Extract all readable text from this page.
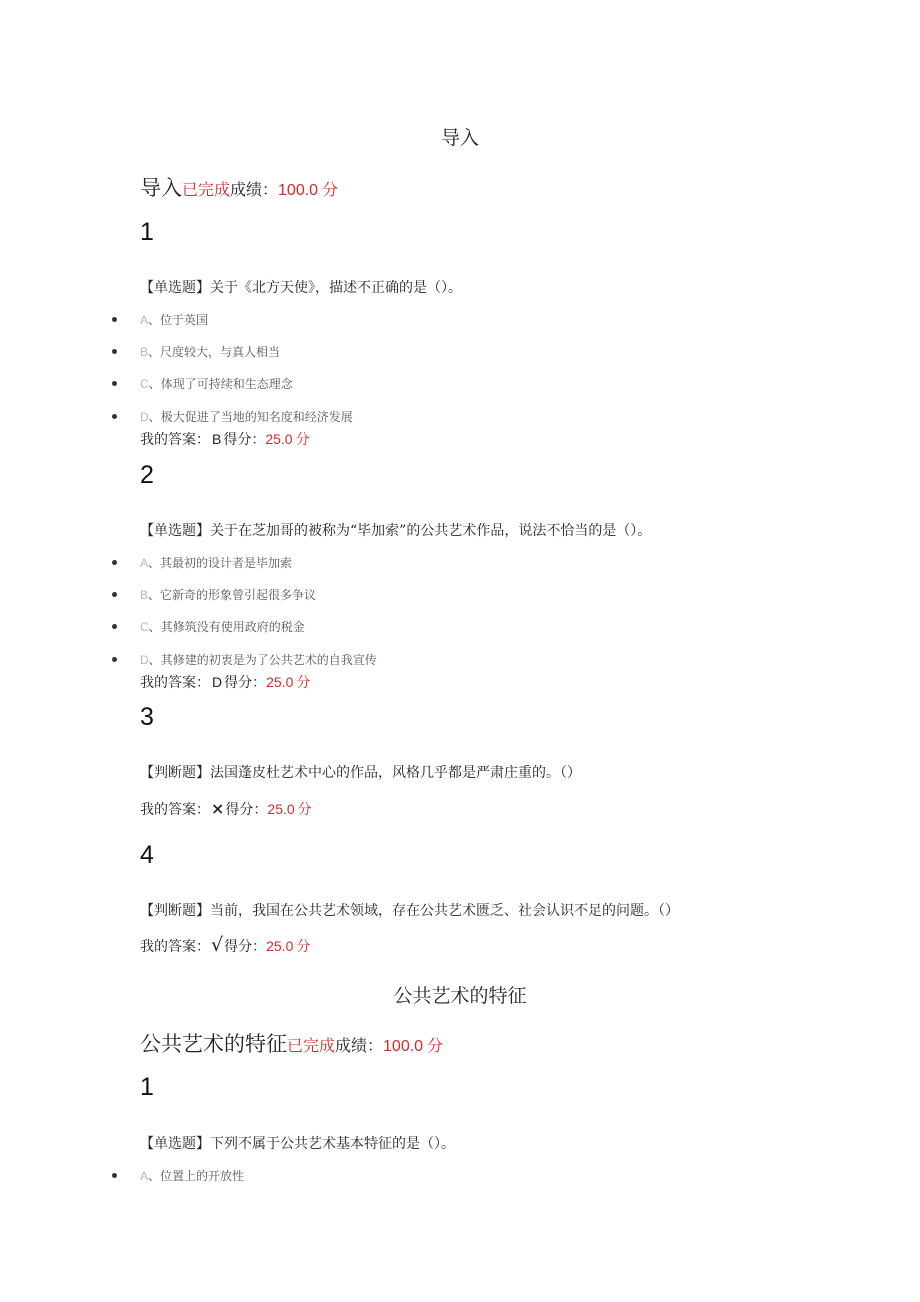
导入
导入已完成成绩：100.0 分
1
【单选题】关于《北方天使》，描述不正确的是（）。
A 、 位于英国
B 、 尺度较大，与真人相当
C 、 体现了可持续和生态理念
D 、 极大促进了当地的知名度和经济发展
我的答案： B 得分： 25.0 分
2
【单选题】关于在芝加哥的被称为“毕加索”的公共艺术作品，说法不恰当的是（）。
A 、 其最初的设计者是毕加索
B 、 它新奇的形象曾引起很多争议
C 、 其修筑没有使用政府的税金
D 、 其修建的初衷是为了公共艺术的自我宣传
我的答案： D 得分： 25.0 分
3
【判断题】法国蓬皮杜艺术中心的作品，风格几乎都是严肃庄重的。（）
我的答案： × 得分： 25.0 分
4
【判断题】当前，我国在公共艺术领域，存在公共艺术匮乏、社会认识不足的问题。（）
我的答案： √ 得分： 25.0 分
公共艺术的特征
公共艺术的特征已完成成绩：100.0 分
1
【单选题】下列不属于公共艺术基本特征的是（）。
A 、 位置上的开放性
